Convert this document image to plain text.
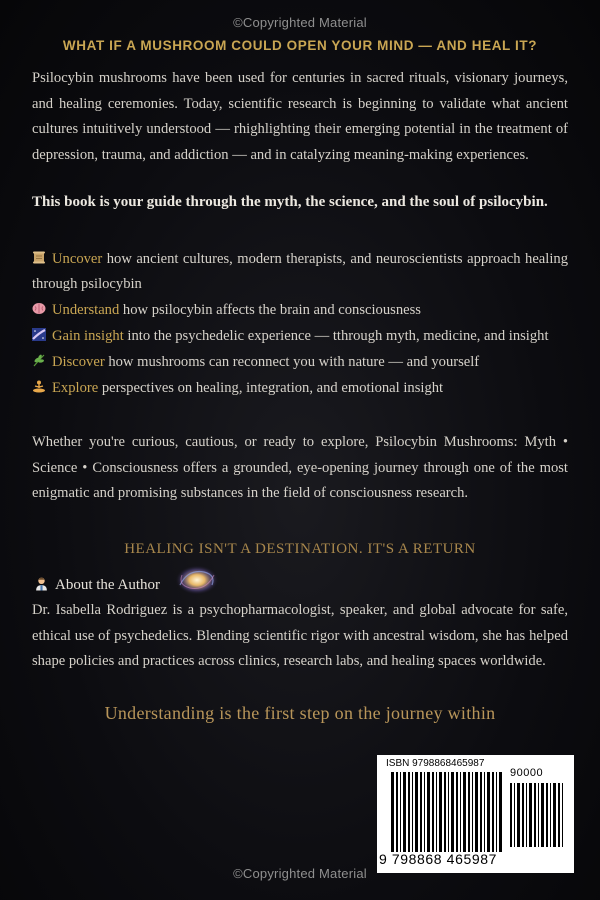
©Copyrighted Material
WHAT IF A MUSHROOM COULD OPEN YOUR MIND — AND HEAL IT?
Psilocybin mushrooms have been used for centuries in sacred rituals, visionary journeys, and healing ceremonies. Today, scientific research is beginning to validate what ancient cultures intuitively understood — rhighlighting their emerging potential in the treatment of depression, trauma, and addiction — and in catalyzing meaning-making experiences.
This book is your guide through the myth, the science, and the soul of psilocybin.
Uncover how ancient cultures, modern therapists, and neuroscientists approach healing through psilocybin
Understand how psilocybin affects the brain and consciousness
Gain insight into the psychedelic experience — tthrough myth, medicine, and insight
Discover how mushrooms can reconnect you with nature — and yourself
Explore perspectives on healing, integration, and emotional insight
Whether you're curious, cautious, or ready to explore, Psilocybin Mushrooms: Myth • Science • Consciousness offers a grounded, eye-opening journey through one of the most enigmatic and promising substances in the field of consciousness research.
HEALING ISN'T A DESTINATION. IT'S A RETURN
About the Author
Dr. Isabella Rodriguez is a psychopharmacologist, speaker, and global advocate for safe, ethical use of psychedelics. Blending scientific rigor with ancestral wisdom, she has helped shape policies and practices across clinics, research labs, and healing spaces worldwide.
Understanding is the first step on the journey within
ISBN 9798868465987
90000
9 798868 465987
©Copyrighted Material
